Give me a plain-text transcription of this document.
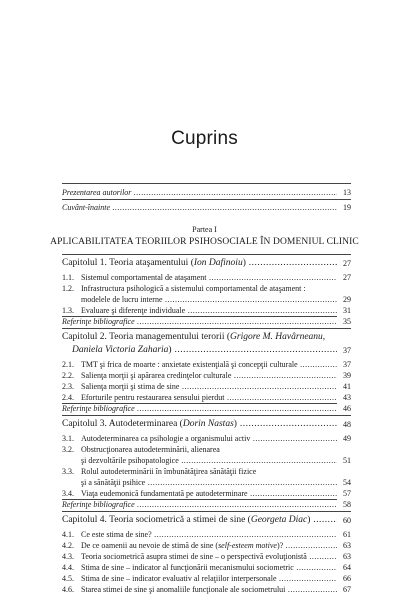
Cuprins
Prezentarea autorilor .....	13
Cuvânt-înainte .....	19
Partea I
APLICABILITATEA TEORIILOR PSIHOSOCIALE ÎN DOMENIUL CLINIC
Capitolul 1. Teoria ataşamentului (Ion Dafinoiu) .....	27
1.1. Sistemul comportamental de ataşament .....	27
1.2. Infrastructura psihologică a sistemului comportamental de ataşament :
modelele de lucru interne .....	29
1.3. Evaluare şi diferenţe individuale .....	31
Referinţe bibliografice .....	35
Capitolul 2. Teoria managementului terorii (Grigore M. Havârneanu,
Daniela Victoria Zaharia) .....	37
2.1. TMT şi frica de moarte : anxietate existenţială şi concepţii culturale .....	37
2.2. Salienţa morţii şi apărarea credinţelor culturale .....	39
2.3. Salienţa morţii şi stima de sine .....	41
2.4. Eforturile pentru restaurarea sensului pierdut .....	43
Referinţe bibliografice .....	46
Capitolul 3. Autodeterminarea (Dorin Nastas) .....	48
3.1. Autodeterminarea ca psihologie a organismului activ .....	49
3.2. Obstrucţionarea autodeterminării, alienarea
şi dezvoltările psihopatologice .....	51
3.3. Rolul autodeterminării în îmbunătăţirea sănătăţii fizice
şi a sănătăţii psihice .....	54
3.4. Viaţa eudemonică fundamentată pe autodeterminare .....	57
Referinţe bibliografice .....	58
Capitolul 4. Teoria sociometrică a stimei de sine (Georgeta Diac) .....	60
4.1. Ce este stima de sine? .....	61
4.2. De ce oamenii au nevoie de stimă de sine (self-esteem motive)? .....	63
4.3. Teoria sociometrică asupra stimei de sine – o perspectivă evoluţionistă .....	63
4.4. Stima de sine – indicator al funcţionării mecanismului sociometric .....	64
4.5. Stima de sine – indicator evaluativ al relaţiilor interpersonale .....	66
4.6. Starea stimei de sine şi anomaliile funcţionale ale sociometrului .....	67
